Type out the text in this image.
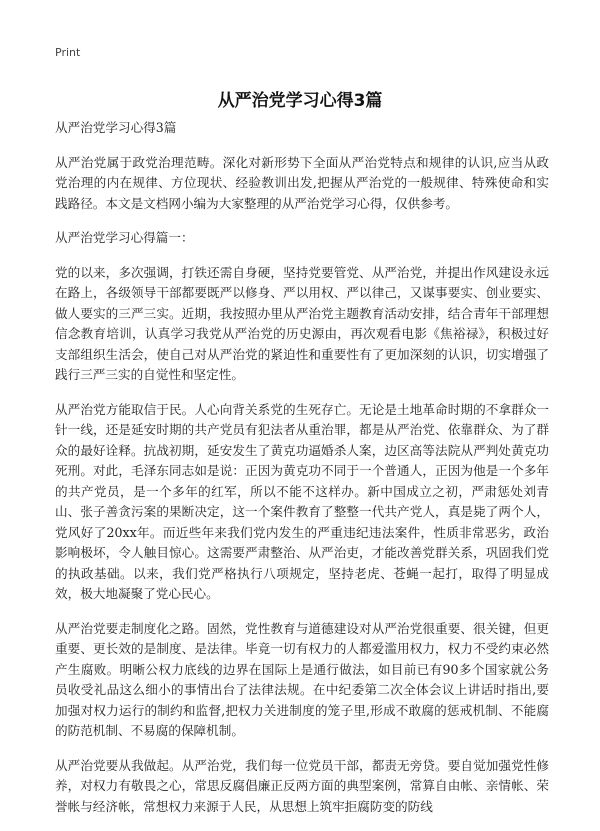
Print
从严治党学习心得3篇

从严治党学习心得3篇

从严治党属于政党治理范畴。深化对新形势下全面从严治党特点和规律的认识,应当从政党治理的内在规律、方位现状、经验教训出发,把握从严治党的一般规律、特殊使命和实践路径。本文是文档网小编为大家整理的从严治党学习心得，仅供参考。

从严治党学习心得篇一：

党的以来，多次强调，打铁还需自身硬，坚持党要管党、从严治党，并提出作风建设永远在路上，各级领导干部都要既严以修身、严以用权、严以律己，又谋事要实、创业要实、做人要实的三严三实。近期，我按照办里从严治党主题教育活动安排，结合青年干部理想信念教育培训，认真学习我党从严治党的历史源由，再次观看电影《焦裕禄》，积极过好支部组织生活会，使自己对从严治党的紧迫性和重要性有了更加深刻的认识，切实增强了践行三严三实的自觉性和坚定性。

从严治党方能取信于民。人心向背关系党的生死存亡。无论是土地革命时期的不拿群众一针一线，还是延安时期的共产党员有犯法者从重治罪，都是从严治党、依靠群众、为了群众的最好诠释。抗战初期，延安发生了黄克功逼婚杀人案，边区高等法院从严判处黄克功死刑。对此，毛泽东同志如是说：正因为黄克功不同于一个普通人，正因为他是一个多年的共产党员，是一个多年的红军，所以不能不这样办。新中国成立之初，严肃惩处刘青山、张子善贪污案的果断决定，这一个案件教育了整整一代共产党人，真是毙了两个人，党风好了20xx年。而近些年来我们党内发生的严重违纪违法案件，性质非常恶劣，政治影响极坏，令人触目惊心。这需要严肃整治、从严治吏，才能改善党群关系，巩固我们党的执政基础。以来，我们党严格执行八项规定，坚持老虎、苍蝇一起打，取得了明显成效，极大地凝聚了党心民心。

从严治党要走制度化之路。固然，党性教育与道德建设对从严治党很重要、很关键，但更重要、更长效的是制度、是法律。毕竟一切有权力的人都爱滥用权力，权力不受约束必然产生腐败。明晰公权力底线的边界在国际上是通行做法，如目前已有90多个国家就公务员收受礼品这么细小的事情出台了法律法规。在中纪委第二次全体会议上讲话时指出,要加强对权力运行的制约和监督,把权力关进制度的笼子里,形成不敢腐的惩戒机制、不能腐的防范机制、不易腐的保障机制。

从严治党要从我做起。从严治党，我们每一位党员干部，都责无旁贷。要自觉加强党性修养，对权力有敬畏之心，常思反腐倡廉正反两方面的典型案例，常算自由帐、亲情帐、荣誉帐与经济帐，常想权力来源于人民，从思想上筑牢拒腐防变的防线
